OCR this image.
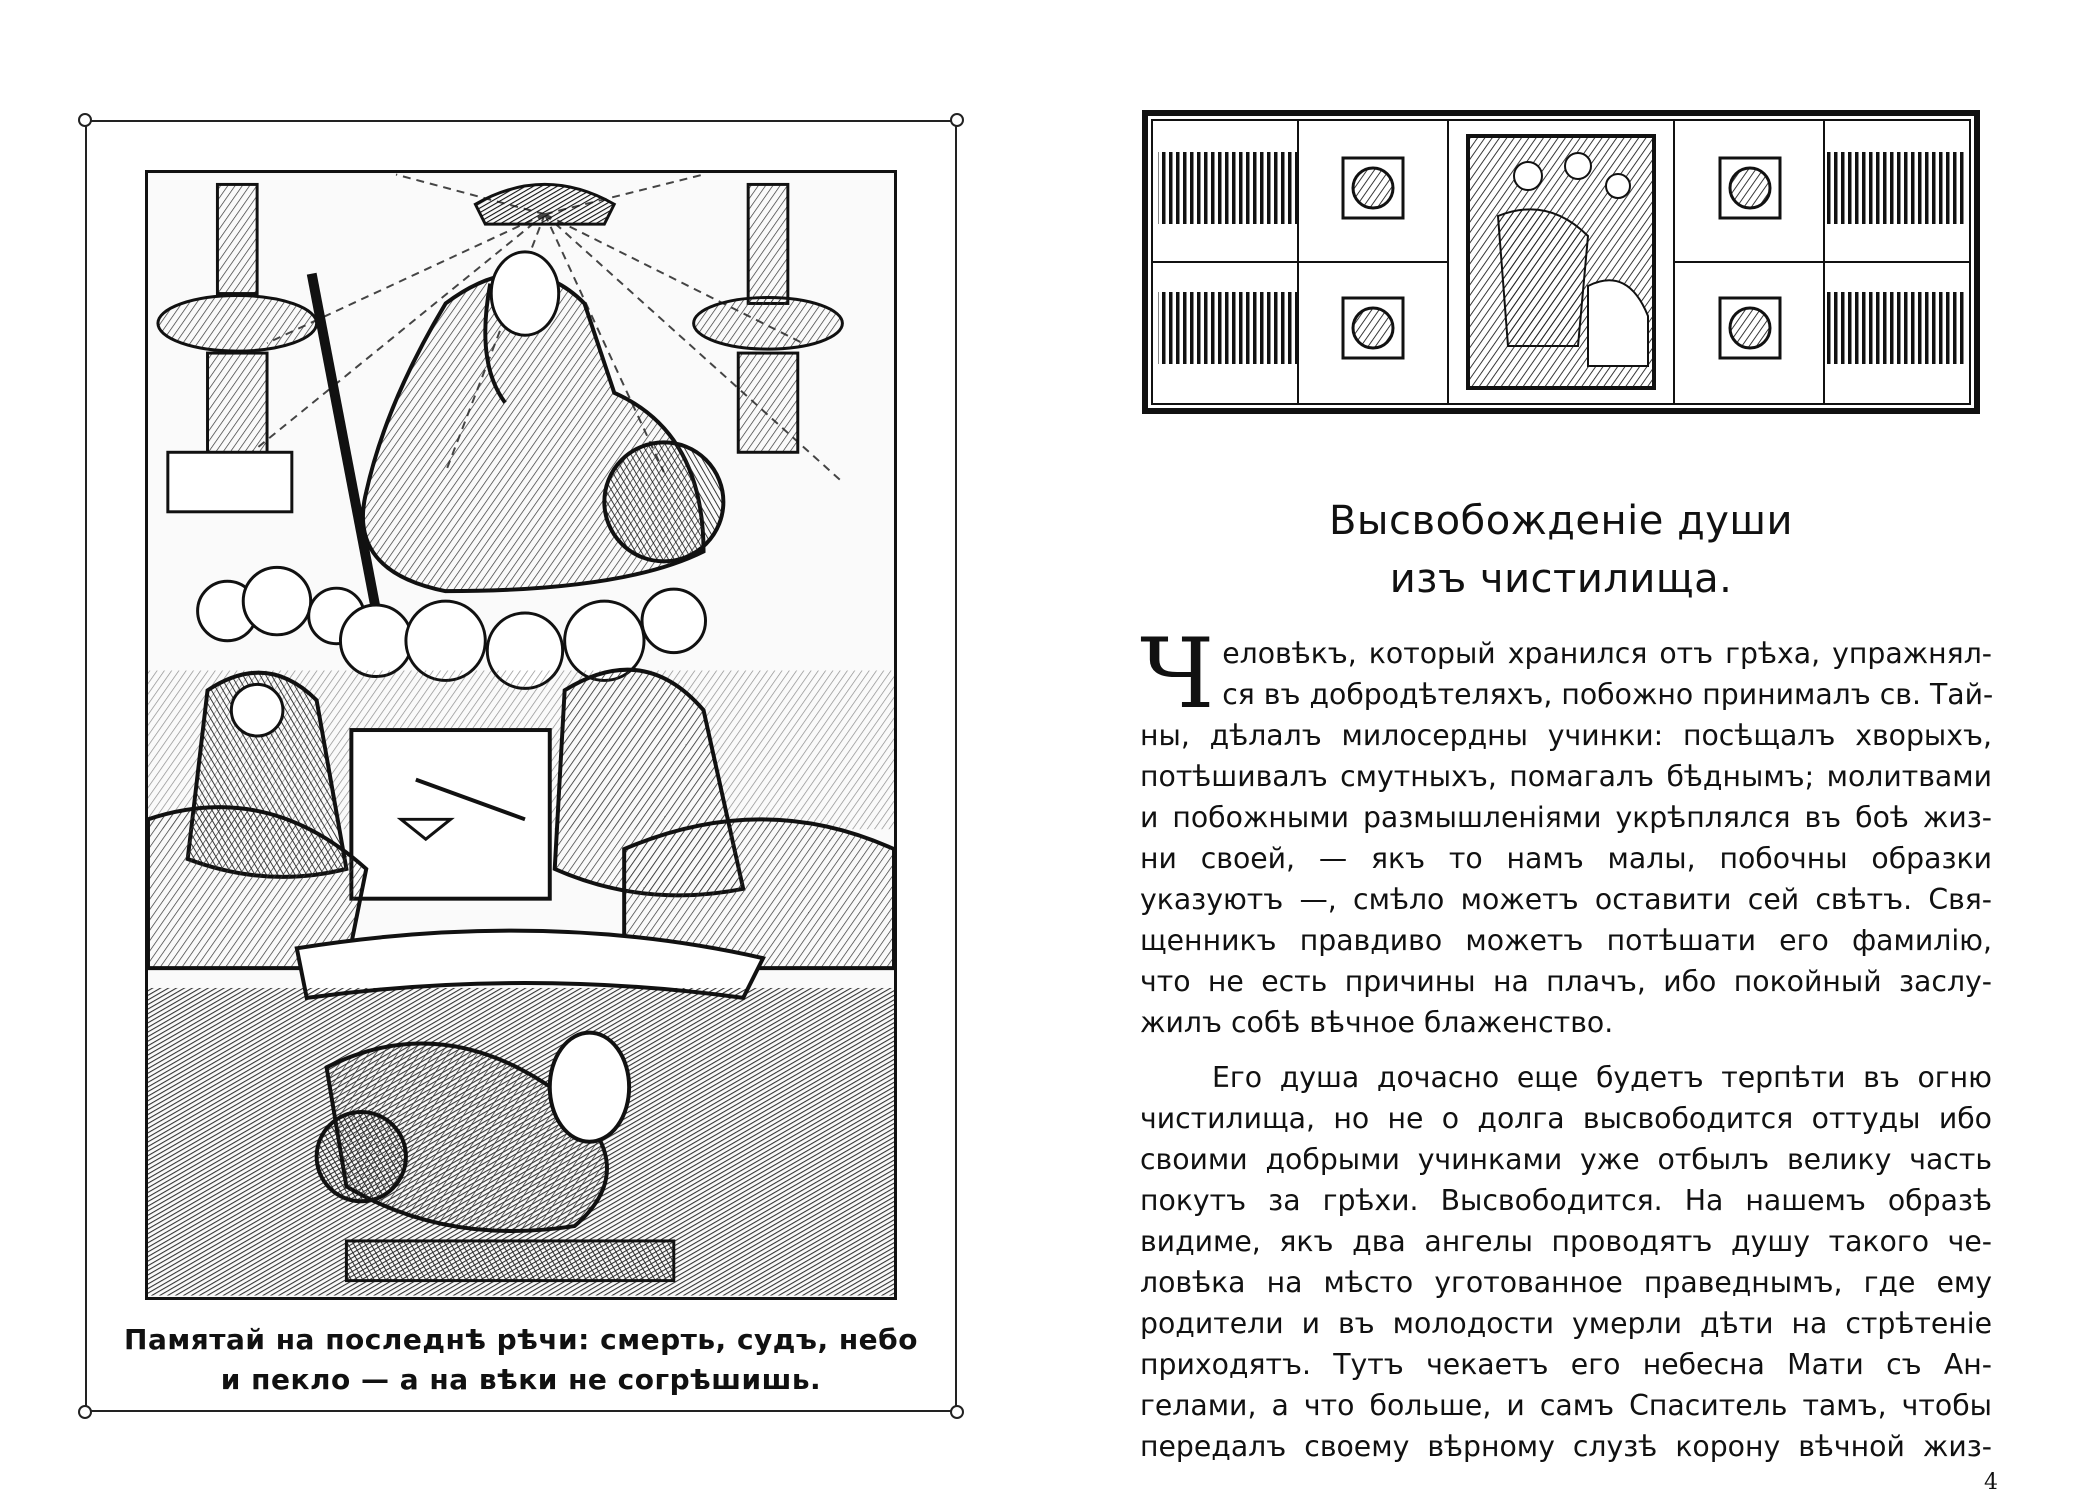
Памятай на последнѣ рѣчи: смерть, судъ, небо
и пекло — а на вѣки не согрѣшишь.
Высвобожденіе души
изъ чистилища.
Ч еловѣкъ, который хранился отъ грѣха, упражнял-
ся въ добродѣтеляхъ, побожно принималъ св. Тай-
ны, дѣлалъ милосердны учинки: посѣщалъ хворыхъ,
потѣшивалъ смутныхъ, помагалъ бѣднымъ; молитвами
и побожными размышленіями укрѣплялся въ боѣ жиз-
ни своей, — якъ то намъ малы, побочны образки
указуютъ —, смѣло можетъ оставити сей свѣтъ. Свя-
щенникъ правдиво можетъ потѣшати его фамилію,
что не есть причины на плачъ, ибо покойный заслу-
жилъ собѣ вѣчное блаженство.
Его душа дочасно еще будетъ терпѣти въ огню
чистилища, но не о долга высвободится оттуды ибо
своими добрыми учинками уже отбылъ велику часть
покутъ за грѣхи. Высвободится. На нашемъ образѣ
видиме, якъ два ангелы проводятъ душу такого че-
ловѣка на мѣсто уготованное праведнымъ, где ему
родители и въ молодости умерли дѣти на стрѣтеніе
приходятъ. Тутъ чекаетъ его небесна Мати съ Ан-
гелами, а что больше, и самъ Спаситель тамъ, чтобы
передалъ своему вѣрному слузѣ корону вѣчной жиз-
4
